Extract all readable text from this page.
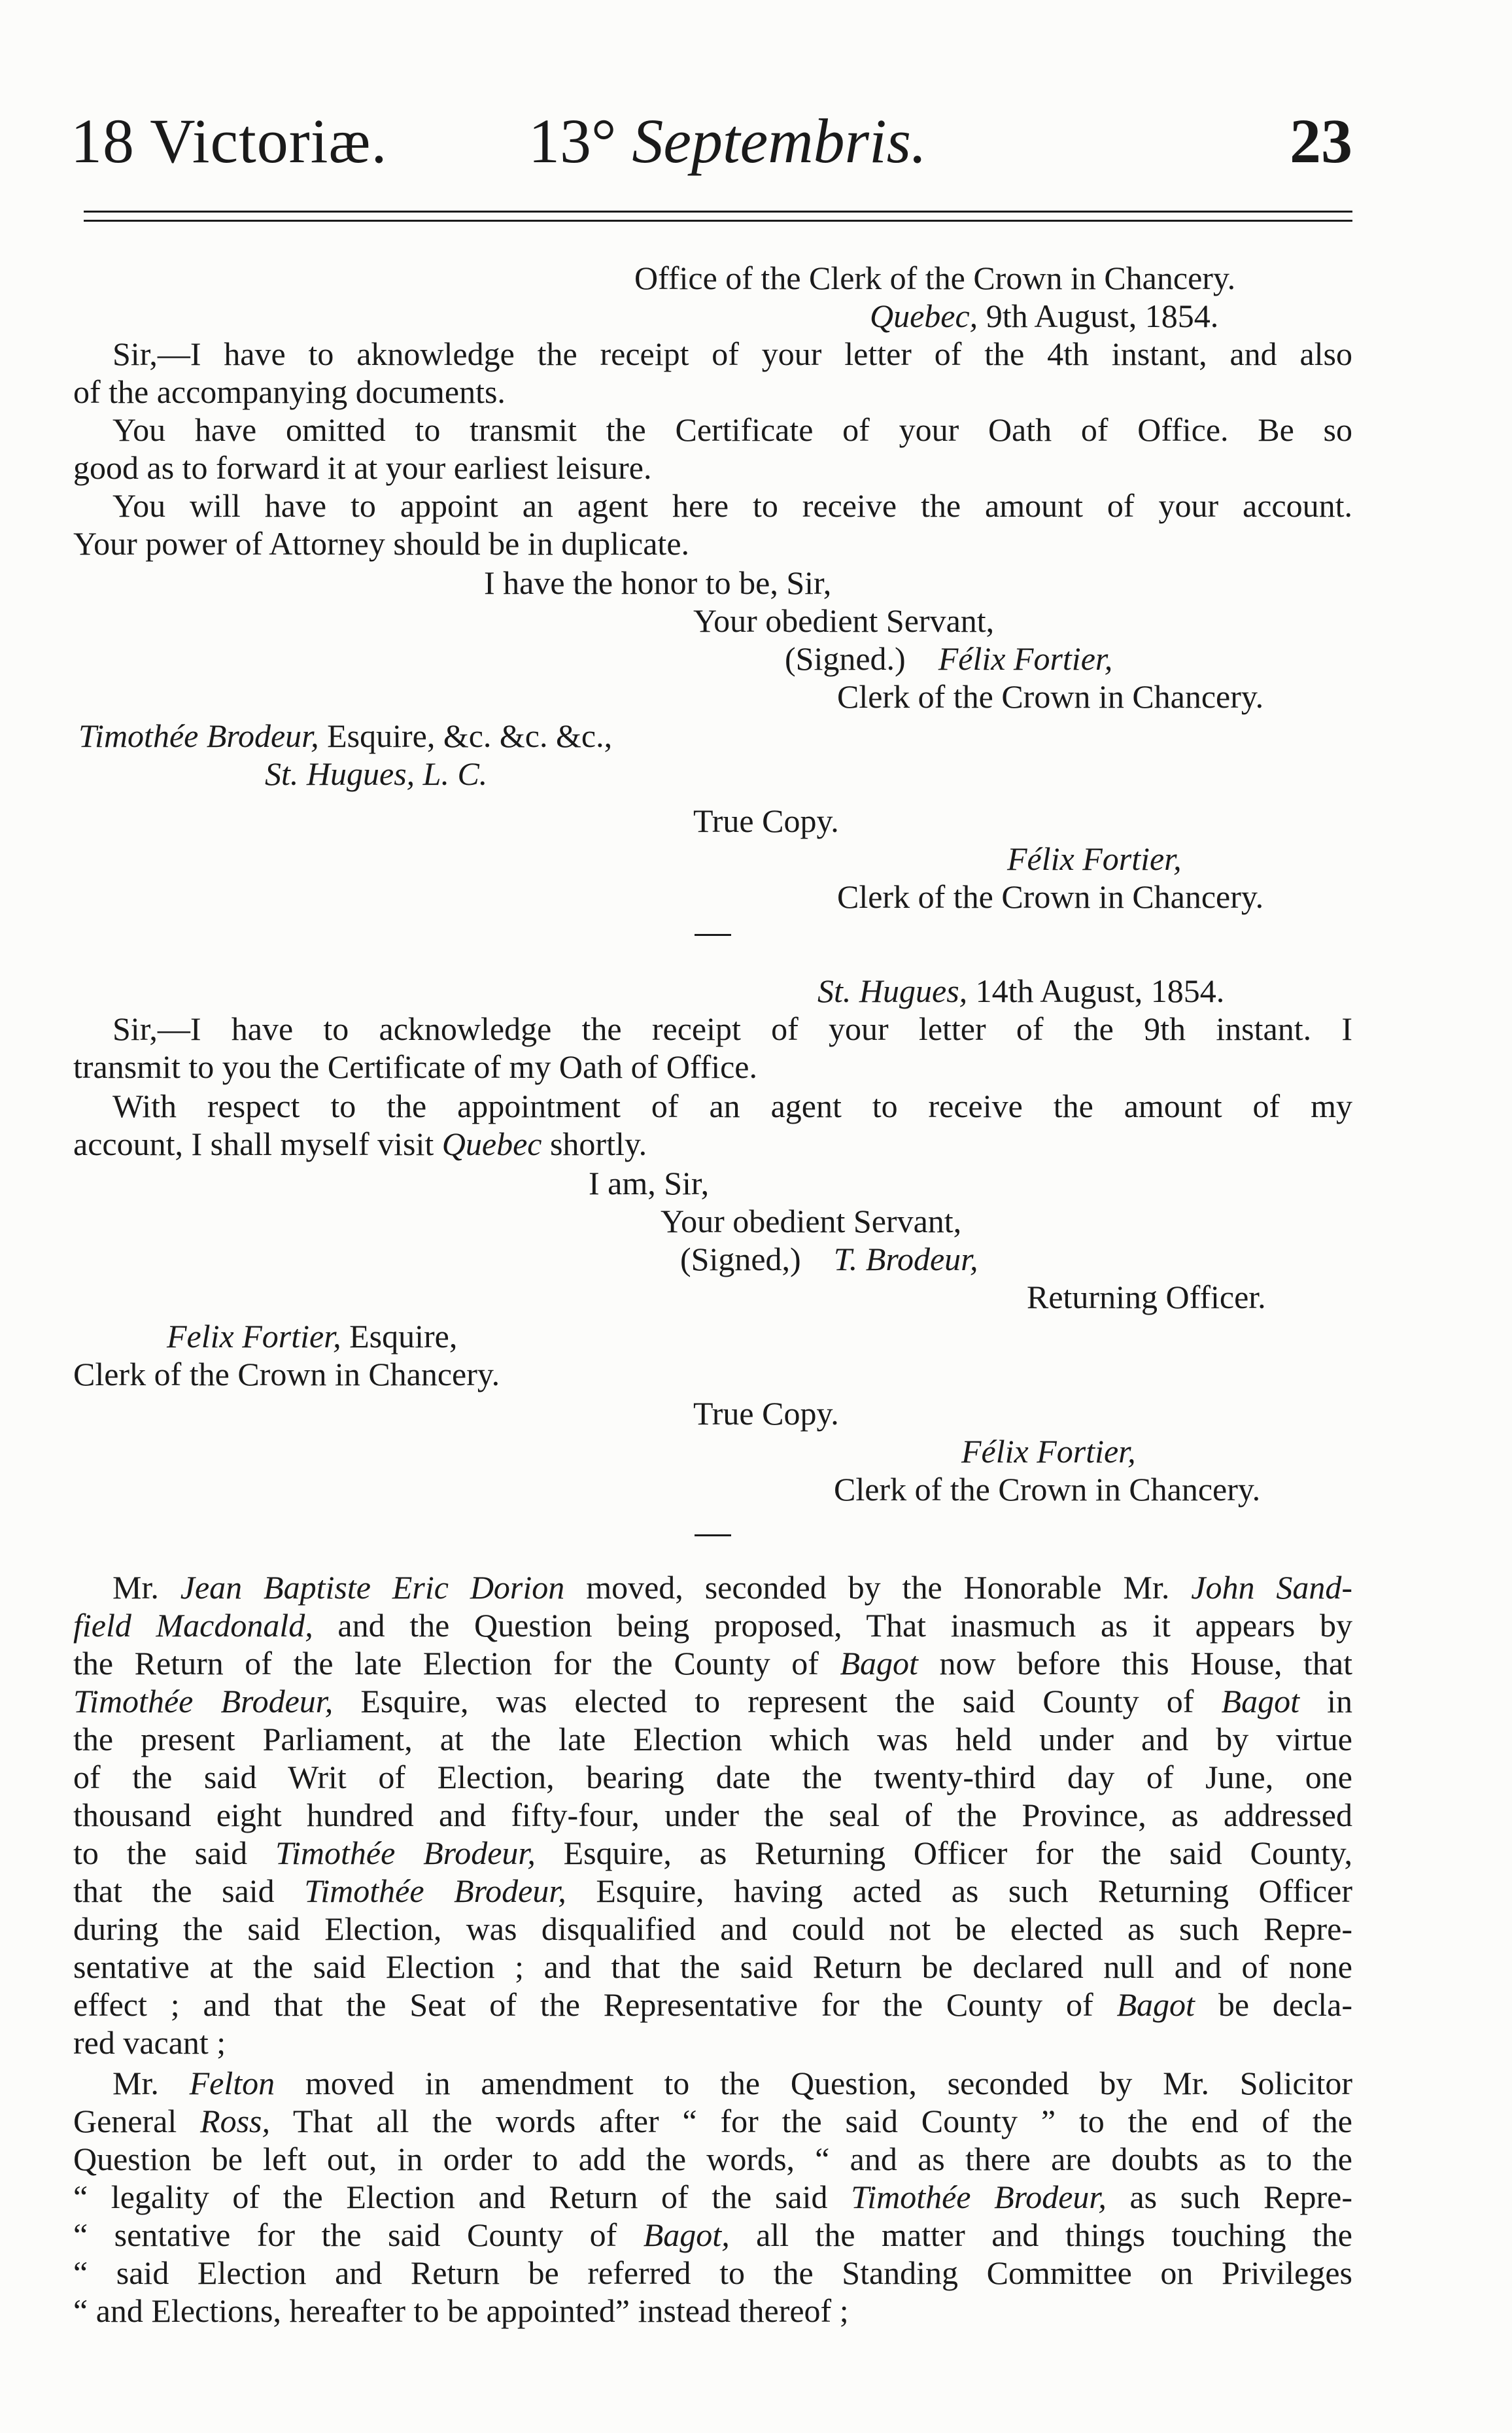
18 Victoriæ. 13° Septembris.	23
Office of the Clerk of the Crown in Chancery.
Quebec, 9th August, 1854.
Sir,—I have to aknowledge the receipt of your letter of the 4th instant, and also
of the accompanying documents.
You have omitted to transmit the Certificate of your Oath of Office. Be so
good as to forward it at your earliest leisure.
You will have to appoint an agent here to receive the amount of your account.
Your power of Attorney should be in duplicate.
I have the honor to be, Sir,
Your obedient Servant,
(Signed.) Félix Fortier,
Clerk of the Crown in Chancery.
Timothée Brodeur, Esquire, &c. &c. &c.,
St. Hugues, L. C.
True Copy.
Félix Fortier,
Clerk of the Crown in Chancery.
St. Hugues, 14th August, 1854.
Sir,—I have to acknowledge the receipt of your letter of the 9th instant. I
transmit to you the Certificate of my Oath of Office.
With respect to the appointment of an agent to receive the amount of my
account, I shall myself visit Quebec shortly.
I am, Sir,
Your obedient Servant,
(Signed,) T. Brodeur,
Returning Officer.
Felix Fortier, Esquire,
Clerk of the Crown in Chancery.
True Copy.
Félix Fortier,
Clerk of the Crown in Chancery.
Mr. Jean Baptiste Eric Dorion moved, seconded by the Honorable Mr. John Sand-
field Macdonald, and the Question being proposed, That inasmuch as it appears by
the Return of the late Election for the County of Bagot now before this House, that
Timothée Brodeur, Esquire, was elected to represent the said County of Bagot in
the present Parliament, at the late Election which was held under and by virtue
of the said Writ of Election, bearing date the twenty-third day of June, one
thousand eight hundred and fifty-four, under the seal of the Province, as addressed
to the said Timothée Brodeur, Esquire, as Returning Officer for the said County,
that the said Timothée Brodeur, Esquire, having acted as such Returning Officer
during the said Election, was disqualified and could not be elected as such Repre-
sentative at the said Election ; and that the said Return be declared null and of none
effect ; and that the Seat of the Representative for the County of Bagot be decla-
red vacant ;
Mr. Felton moved in amendment to the Question, seconded by Mr. Solicitor
General Ross, That all the words after “ for the said County ” to the end of the
Question be left out, in order to add the words, “ and as there are doubts as to the
“ legality of the Election and Return of the said Timothée Brodeur, as such Repre-
“ sentative for the said County of Bagot, all the matter and things touching the
“ said Election and Return be referred to the Standing Committee on Privileges
“ and Elections, hereafter to be appointed” instead thereof ;
